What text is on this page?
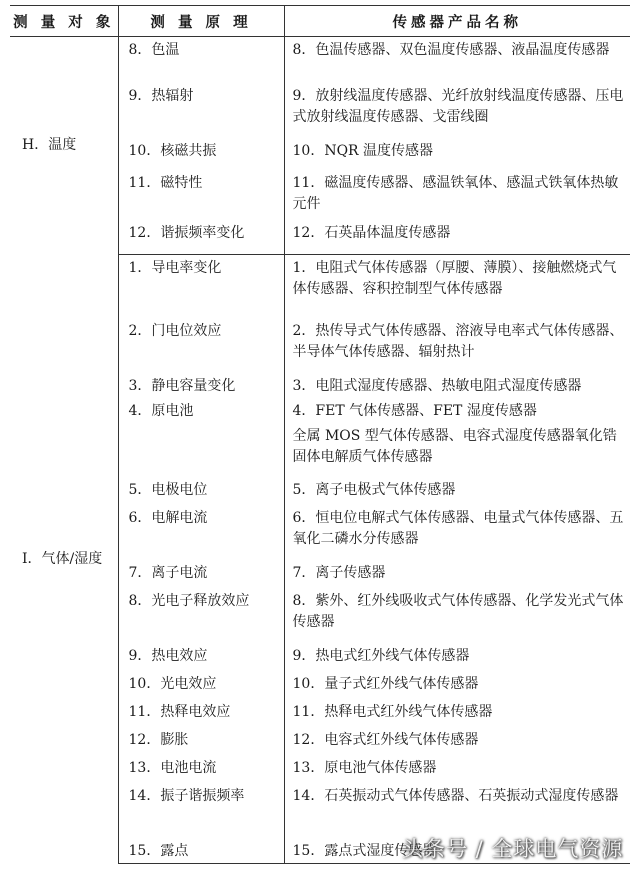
测 量 对 象	测 量 原 理	传感器产品名称
H．温度	8．色温	8．色温传感器、双色温度传感器、液晶温度传感器
	9．热辐射	9．放射线温度传感器、光纤放射线温度传感器、压电式放射线温度传感器、戈雷线圈
	10．核磁共振	10．NQR 温度传感器
	11．磁特性	11．磁温度传感器、感温铁氧体、感温式铁氧体热敏元件
	12．谐振频率变化	12．石英晶体温度传感器
I．气体/湿度	1．导电率变化	1．电阻式气体传感器（厚腰、薄膜）、接触燃烧式气体传感器、容积控制型气体传感器
	2．门电位效应	2．热传导式气体传感器、溶液导电率式气体传感器、半导体气体传感器、辐射热计
	3．静电容量变化	3．电阻式湿度传感器、热敏电阻式湿度传感器
	4．原电池	4．FET 气体传感器、FET 湿度传感器
		全属 MOS 型气体传感器、电容式湿度传感器氧化锆固体电解质气体传感器
	5．电极电位	5．离子电极式气体传感器
	6．电解电流	6．恒电位电解式气体传感器、电量式气体传感器、五氧化二磷水分传感器
	7．离子电流	7．离子传感器
	8．光电子释放效应	8．紫外、红外线吸收式气体传感器、化学发光式气体传感器
	9．热电效应	9．热电式红外线气体传感器
	10．光电效应	10．量子式红外线气体传感器
	11．热释电效应	11．热释电式红外线气体传感器
	12．膨胀	12．电容式红外线气体传感器
	13．电池电流	13．原电池气体传感器
	14．振子谐振频率	14．石英振动式气体传感器、石英振动式湿度传感器
	15．露点	15．露点式湿度传感器
头条号 / 全球电气资源
